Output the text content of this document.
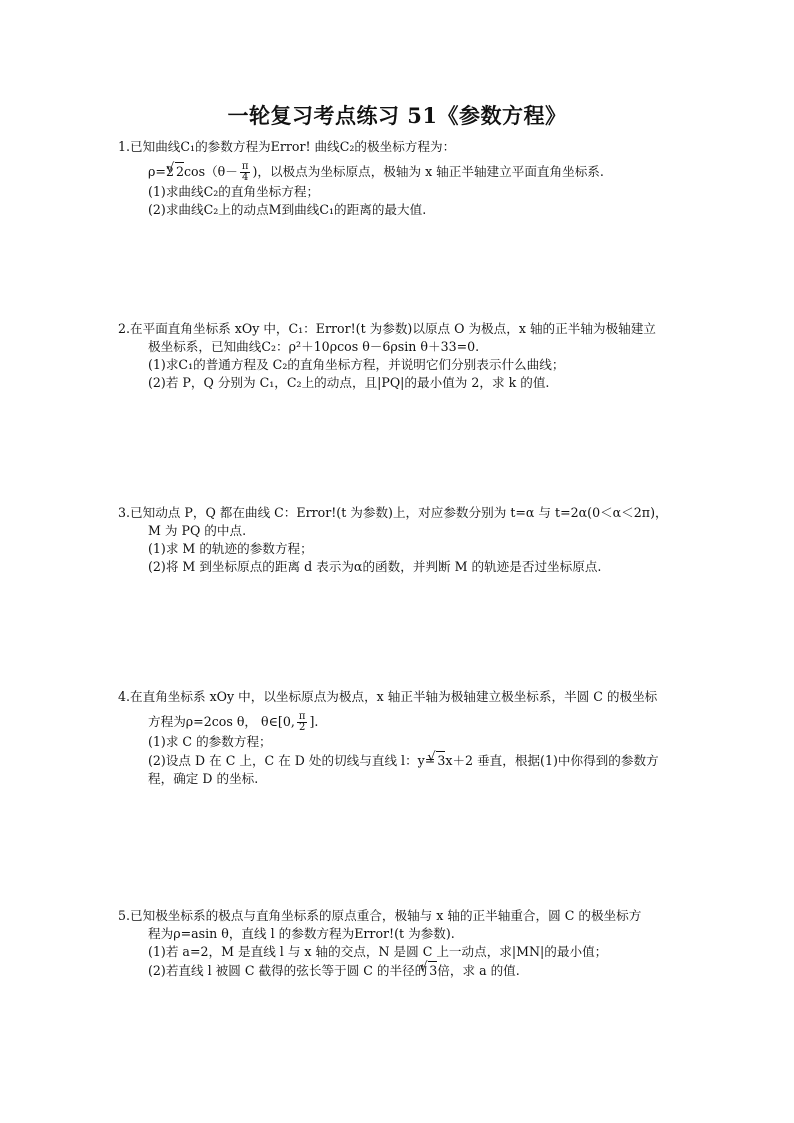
一轮复习考点练习 51《参数方程》
1.已知曲线C₁的参数方程为Error! 曲线C₂的极坐标方程为：
ρ=2 √ $2\cos(\theta- \frac{\pi}{4}$ )，以极点为坐标原点，极轴为 x 轴正半轴建立平面直角坐标系.
(1)求曲线C₂的直角坐标方程；
(2)求曲线C₂上的动点M到曲线C₁的距离的最大值.
2.在平面直角坐标系 xOy 中，C₁：Error!(t 为参数)以原点 O 为极点，x 轴的正半轴为极轴建立
极坐标系，已知曲线C₂：ρ²＋10ρcos θ－6ρsin θ＋33=0.
(1)求C₁的普通方程及 C₂的直角坐标方程，并说明它们分别表示什么曲线；
(2)若 P，Q 分别为 C₁，C₂上的动点，且|PQ|的最小值为 2，求 k 的值.
3.已知动点 P，Q 都在曲线 C：Error!(t 为参数)上，对应参数分别为 t=α 与 t=2α(0＜α＜2π)，
M 为 PQ 的中点.
(1)求 M 的轨迹的参数方程；
(2)将 M 到坐标原点的距离 d 表示为α的函数，并判断 M 的轨迹是否过坐标原点.
4.在直角坐标系 xOy 中，以坐标原点为极点，x 轴正半轴为极轴建立极坐标系，半圆 C 的极坐标
方程为ρ=2cos θ， θ∈[0, $\frac{\pi}{2}$ ].
(1)求 C 的参数方程；
(2)设点 D 在 C 上，C 在 D 处的切线与直线 l：y= √ 3x＋2 垂直，根据(1)中你得到的参数方
程，确定 D 的坐标.
5.已知极坐标系的极点与直角坐标系的原点重合，极轴与 x 轴的正半轴重合，圆 C 的极坐标方
程为ρ=asin θ，直线 l 的参数方程为Error!(t 为参数).
(1)若 a=2，M 是直线 l 与 x 轴的交点，N 是圆 C 上一动点，求|MN|的最小值；
(2)若直线 l 被圆 C 截得的弦长等于圆 C 的半径的 √ 3倍，求 a 的值.
